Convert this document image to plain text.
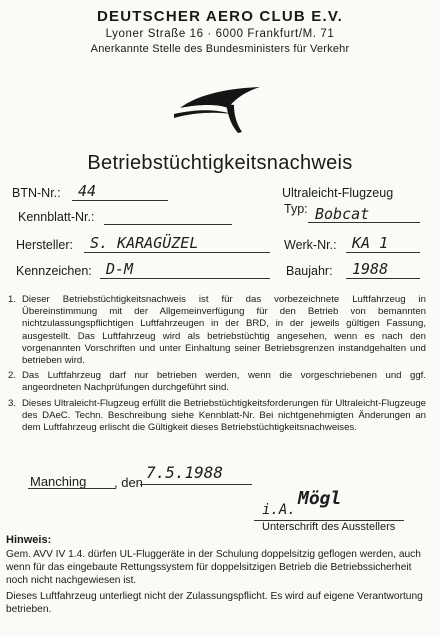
DEUTSCHER AERO CLUB E.V.
Lyoner Straße 16 · 6000 Frankfurt/M. 71
Anerkannte Stelle des Bundesministers für Verkehr
Betriebstüchtigkeitsnachweis
BTN-Nr.: 44	Ultraleicht-Flugzeug
Kennblatt-Nr.:
Typ: Bobcat
Hersteller: S. KARAGÜZEL	Werk-Nr.: KA 1
Kennzeichen: D-M	Baujahr: 1988
1. Dieser Betriebstüchtigkeitsnachweis ist für das vorbezeichnete Luftfahrzeug in Übereinstimmung mit der Allgemeinverfügung für den Betrieb von bemannten nichtzulassungspflichtigen Luftfahrzeugen in der BRD, in der jeweils gültigen Fassung, ausgestellt. Das Luftfahrzeug wird als betriebstüchtig angesehen, wenn es nach den vorgenannten Vorschriften und unter Einhaltung seiner Betriebsgrenzen instandgehalten und betrieben wird.
2. Das Luftfahrzeug darf nur betrieben werden, wenn die vorgeschriebenen und ggf. angeordneten Nachprüfungen durchgeführt sind.
3. Dieses Ultraleicht-Flugzeug erfüllt die Betriebstüchtigkeitsforderungen für Ultraleicht-Flugzeuge des DAeC. Techn. Beschreibung siehe Kennblatt-Nr. Bei nichtgenehmigten Änderungen an dem Luftfahrzeug erlischt die Gültigkeit dieses Betriebstüchtigkeitsnachweises.
Manching , den
7.5.1988
i.A.
Mögl
Unterschrift des Ausstellers
Hinweis:
Gem. AVV IV 1.4. dürfen UL-Fluggeräte in der Schulung doppelsitzig geflogen werden, auch wenn für das eingebaute Rettungssystem für doppelsitzigen Betrieb die Betriebssicherheit noch nicht nachgewiesen ist.
Dieses Luftfahrzeug unterliegt nicht der Zulassungspflicht. Es wird auf eigene Verantwortung betrieben.
